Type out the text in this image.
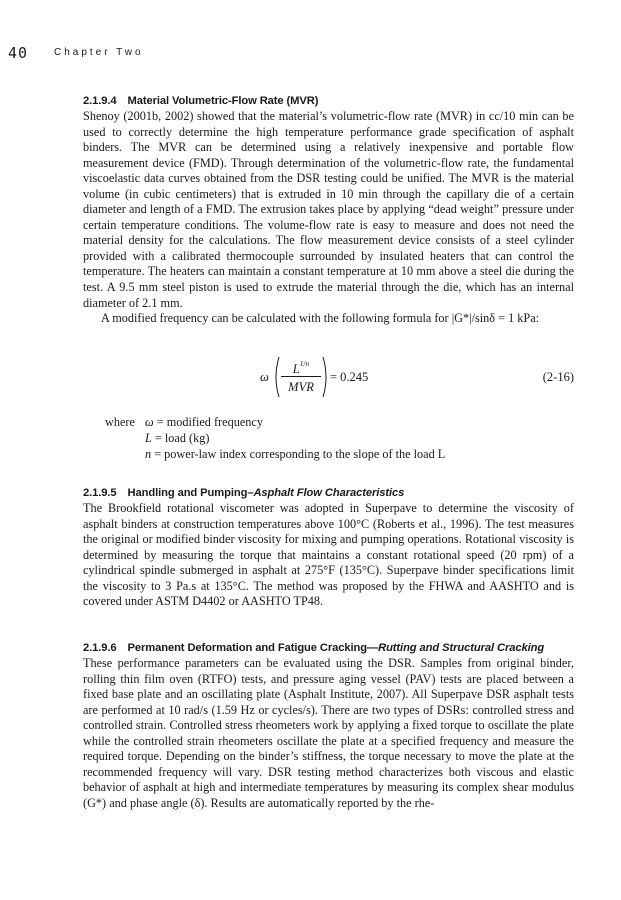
40	Chapter Two
2.1.9.4 Material Volumetric-Flow Rate (MVR)

Shenoy (2001b, 2002) showed that the material’s volumetric-flow rate (MVR) in cc/10 min can be used to correctly determine the high temperature performance grade specification of asphalt binders. The MVR can be determined using a relatively inexpensive and portable flow measurement device (FMD). Through determination of the volumetric-flow rate, the fundamental viscoelastic data curves obtained from the DSR testing could be unified. The MVR is the material volume (in cubic centimeters) that is extruded in 10 min through the capillary die of a certain diameter and length of a FMD. The extrusion takes place by applying “dead weight” pressure under certain temperature conditions. The volume-flow rate is easy to measure and does not need the material density for the calculations. The flow measurement device consists of a steel cylinder provided with a calibrated thermocouple surrounded by insulated heaters that can control the temperature. The heaters can maintain a constant temperature at 10 mm above a steel die during the test. A 9.5 mm steel piston is used to extrude the material through the die, which has an internal diameter of 2.1 mm.

A modified frequency can be calculated with the following formula for |G*|/sinδ = 1 kPa:

ω
$L^{1/n}$
MVR
= 0.245	(2-16)
where ω = modified frequency
L = load (kg)
n = power-law index corresponding to the slope of the load L
2.1.9.5 Handling and Pumping–Asphalt Flow Characteristics

The Brookfield rotational viscometer was adopted in Superpave to determine the viscosity of asphalt binders at construction temperatures above 100°C (Roberts et al., 1996). The test measures the original or modified binder viscosity for mixing and pumping operations. Rotational viscosity is determined by measuring the torque that maintains a constant rotational speed (20 rpm) of a cylindrical spindle submerged in asphalt at 275°F (135°C). Superpave binder specifications limit the viscosity to 3 Pa.s at 135°C. The method was proposed by the FHWA and AASHTO and is covered under ASTM D4402 or AASHTO TP48.

2.1.9.6 Permanent Deformation and Fatigue Cracking—Rutting and Structural Cracking

These performance parameters can be evaluated using the DSR. Samples from original binder, rolling thin film oven (RTFO) tests, and pressure aging vessel (PAV) tests are placed between a fixed base plate and an oscillating plate (Asphalt Institute, 2007). All Superpave DSR asphalt tests are performed at 10 rad/s (1.59 Hz or cycles/s). There are two types of DSRs: controlled stress and controlled strain. Controlled stress rheometers work by applying a fixed torque to oscillate the plate while the controlled strain rheometers oscillate the plate at a specified frequency and measure the required torque. Depending on the binder’s stiffness, the torque necessary to move the plate at the recommended frequency will vary. DSR testing method characterizes both viscous and elastic behavior of asphalt at high and intermediate temperatures by measuring its complex shear modulus (G*) and phase angle (δ). Results are automatically reported by the rhe-
